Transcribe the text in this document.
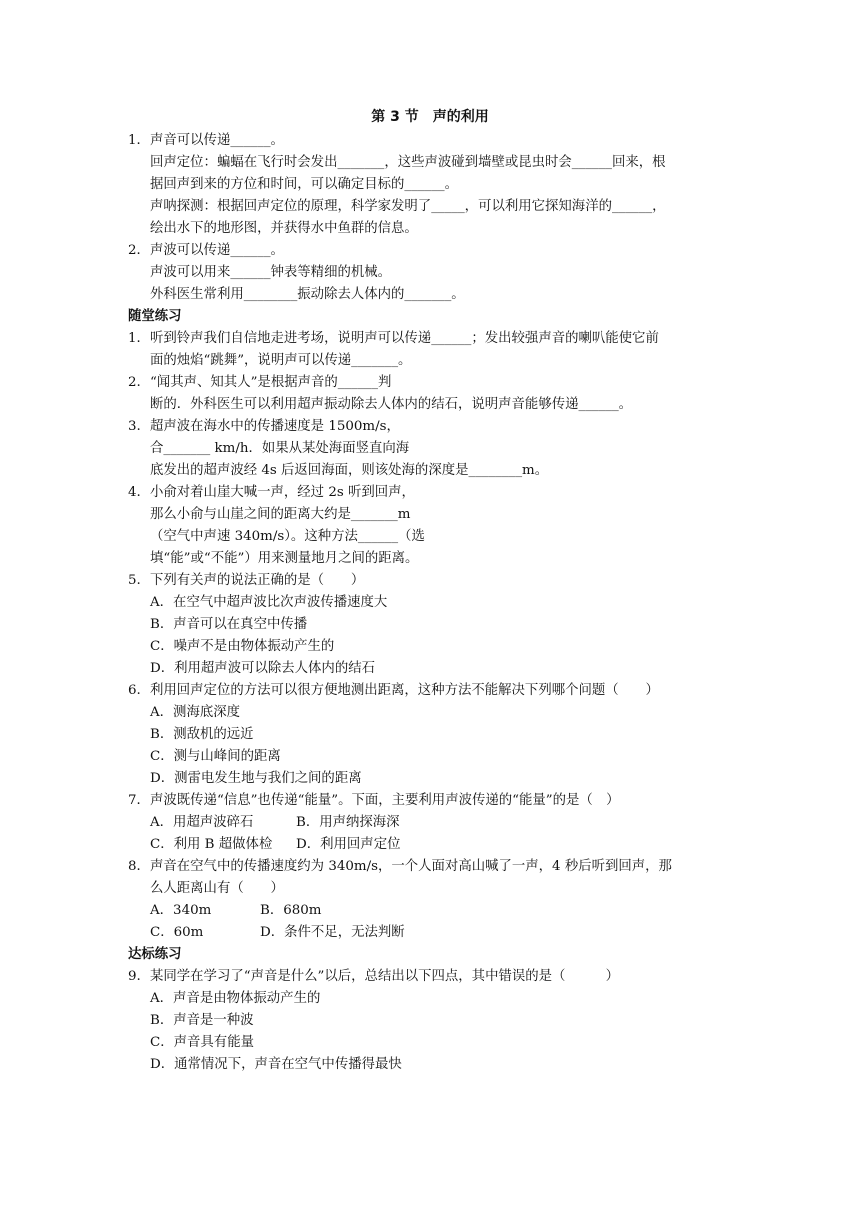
第 3 节　声的利用
1．声音可以传递______。
回声定位：蝙蝠在飞行时会发出_______，这些声波碰到墙壁或昆虫时会______回来，根
据回声到来的方位和时间，可以确定目标的______。
声呐探测：根据回声定位的原理，科学家发明了_____，可以利用它探知海洋的______，
绘出水下的地形图，并获得水中鱼群的信息。
2．声波可以传递______。
声波可以用来______钟表等精细的机械。
外科医生常利用________振动除去人体内的_______。
随堂练习
1．听到铃声我们自信地走进考场，说明声可以传递______；发出较强声音的喇叭能使它前
面的烛焰“跳舞”，说明声可以传递_______。
2. “闻其声、知其人”是根据声音的______判
断的．外科医生可以利用超声振动除去人体内的结石，说明声音能够传递______。
3. 超声波在海水中的传播速度是 1500m/s，
合_______ km/h．如果从某处海面竖直向海
底发出的超声波经 4s 后返回海面，则该处海的深度是________m。
4. 小俞对着山崖大喊一声，经过 2s 听到回声，
那么小俞与山崖之间的距离大约是_______m
（空气中声速 340m/s）。这种方法______（选
填“能”或“不能”）用来测量地月之间的距离。
5. 下列有关声的说法正确的是（　　）
A．在空气中超声波比次声波传播速度大
B．声音可以在真空中传播
C．噪声不是由物体振动产生的
D．利用超声波可以除去人体内的结石
6. 利用回声定位的方法可以很方便地测出距离，这种方法不能解决下列哪个问题（　　）
A．测海底深度
B．测敌机的远近
C．测与山峰间的距离
D．测雷电发生地与我们之间的距离
7．声波既传递“信息”也传递“能量”。下面，主要利用声波传递的“能量”的是（　）
A．用超声波碎石	B．用声纳探海深
C．利用 B 超做体检 D．利用回声定位
8．声音在空气中的传播速度约为 340m/s，一个人面对高山喊了一声，4 秒后听到回声，那
么人距离山有（　　）
A．340m	B．680m
C．60m	D．条件不足，无法判断
达标练习
9. 某同学在学习了“声音是什么”以后，总结出以下四点，其中错误的是（　　　）
A．声音是由物体振动产生的
B．声音是一种波
C．声音具有能量
D．通常情况下，声音在空气中传播得最快
